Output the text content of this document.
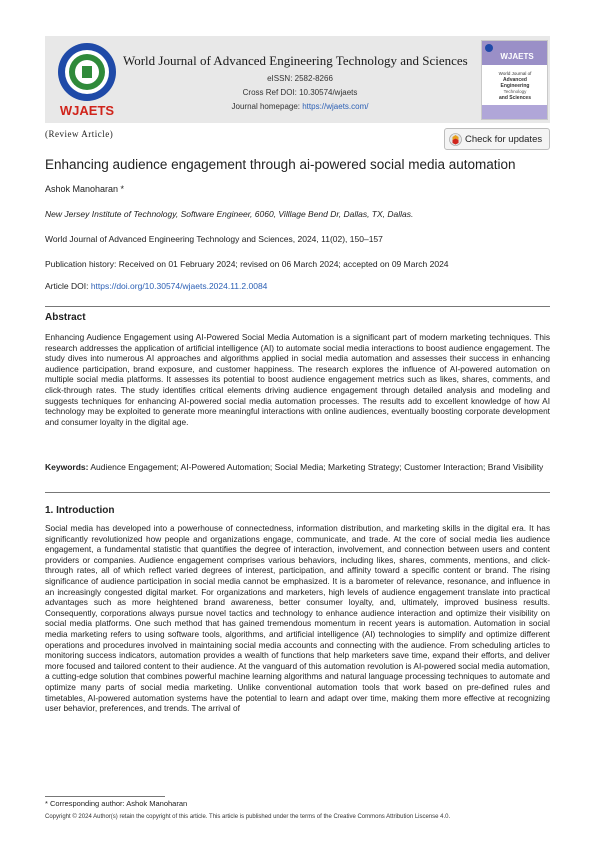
WJAETS
World Journal of Advanced Engineering Technology and Sciences
eISSN: 2582-8266
Cross Ref DOI: 10.30574/wjaets
Journal homepage: https://wjaets.com/
WJAETS
World Journal of
Advanced
Engineering
Technology
and Sciences
(Review Article)	Check for updates
Enhancing audience engagement through ai-powered social media automation
Ashok Manoharan *
New Jersey Institute of Technology, Software Engineer, 6060, Villlage Bend Dr, Dallas, TX, Dallas.
World Journal of Advanced Engineering Technology and Sciences, 2024, 11(02), 150–157
Publication history: Received on 01 February 2024; revised on 06 March 2024; accepted on 09 March 2024
Article DOI: https://doi.org/10.30574/wjaets.2024.11.2.0084
Abstract
Enhancing Audience Engagement using AI-Powered Social Media Automation is a significant part of modern marketing techniques. This research addresses the application of artificial intelligence (AI) to automate social media interactions to boost audience engagement. The study dives into numerous AI approaches and algorithms applied in social media automation and assesses their success in enhancing audience participation, brand exposure, and customer happiness. The research explores the influence of AI-powered automation on multiple social media platforms. It assesses its potential to boost audience engagement metrics such as likes, shares, comments, and click-through rates. The study identifies critical elements driving audience engagement through detailed analysis and modeling and suggests techniques for enhancing AI-powered social media automation processes. The results add to excellent knowledge of how AI technology may be exploited to generate more meaningful interactions with online audiences, eventually boosting corporate development and consumer loyalty in the digital age.
Keywords: Audience Engagement; AI-Powered Automation; Social Media; Marketing Strategy; Customer Interaction; Brand Visibility
1. Introduction
Social media has developed into a powerhouse of connectedness, information distribution, and marketing skills in the digital era. It has significantly revolutionized how people and organizations engage, communicate, and trade. At the core of social media lies audience engagement, a fundamental statistic that quantifies the degree of interaction, involvement, and connection between users and content providers or companies. Audience engagement comprises various behaviors, including likes, shares, comments, mentions, and click-through rates, all of which reflect varied degrees of interest, participation, and affinity toward a specific content or brand. The rising significance of audience participation in social media cannot be emphasized. It is a barometer of relevance, resonance, and influence in an increasingly congested digital market. For organizations and marketers, high levels of audience engagement translate into practical advantages such as more heightened brand awareness, better consumer loyalty, and, ultimately, improved business results. Consequently, corporations always pursue novel tactics and technology to enhance audience interaction and optimize their visibility on social media platforms. One such method that has gained tremendous momentum in recent years is automation. Automation in social media marketing refers to using software tools, algorithms, and artificial intelligence (AI) technologies to simplify and optimize different operations and procedures involved in maintaining social media accounts and connecting with the audience. From scheduling articles to monitoring success indicators, automation provides a wealth of functions that help marketers save time, expand their efforts, and deliver more focused and tailored content to their audience. At the vanguard of this automation revolution is AI-powered social media automation, a cutting-edge solution that combines powerful machine learning algorithms and natural language processing techniques to automate and optimize many parts of social media marketing. Unlike conventional automation tools that work based on pre-defined rules and timetables, AI-powered automation systems have the potential to learn and adapt over time, making them more effective at recognizing user behavior, preferences, and trends. The arrival of
* Corresponding author: Ashok Manoharan
Copyright © 2024 Author(s) retain the copyright of this article. This article is published under the terms of the Creative Commons Attribution Liscense 4.0.
